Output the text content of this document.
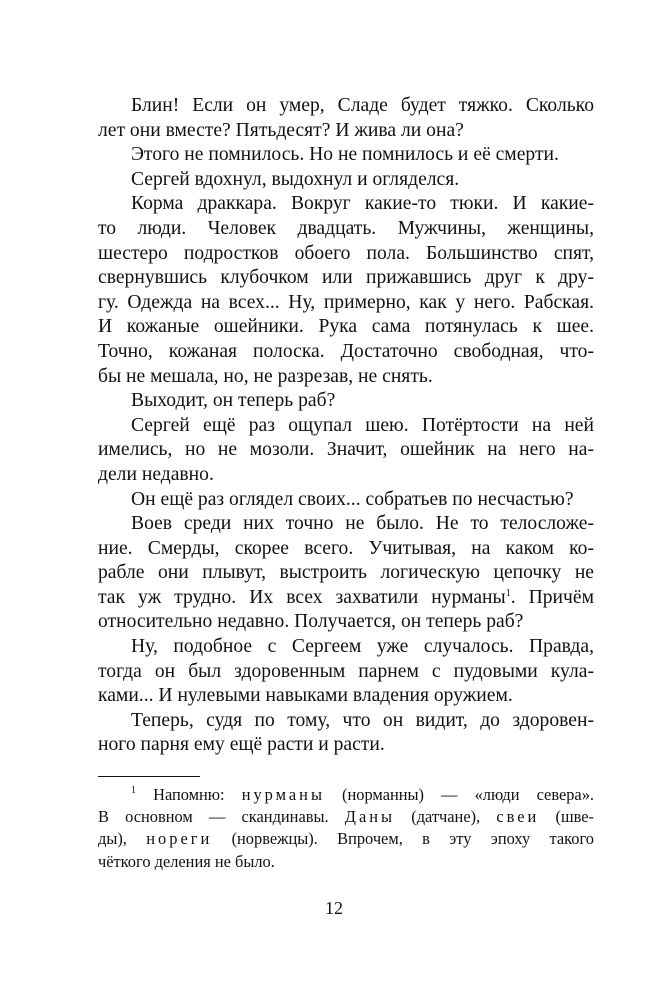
Блин! Если он умер, Сладе будет тяжко. Сколько
лет они вместе? Пятьдесят? И жива ли она?

Этого не помнилось. Но не помнилось и её смерти.

Сергей вдохнул, выдохнул и огляделся.

Корма драккара. Вокруг какие-то тюки. И какие-
то люди. Человек двадцать. Мужчины, женщины,
шестеро подростков обоего пола. Большинство спят,
свернувшись клубочком или прижавшись друг к дру-
гу. Одежда на всех... Ну, примерно, как у него. Рабская.
И кожаные ошейники. Рука сама потянулась к шее.
Точно, кожаная полоска. Достаточно свободная, что-
бы не мешала, но, не разрезав, не снять.

Выходит, он теперь раб?

Сергей ещё раз ощупал шею. Потёртости на ней
имелись, но не мозоли. Значит, ошейник на него на-
дели недавно.

Он ещё раз оглядел своих... собратьев по несчастью?

Воев среди них точно не было. Не то телосложе-
ние. Смерды, скорее всего. Учитывая, на каком ко-
рабле они плывут, выстроить логическую цепочку не
так уж трудно. Их всех захватили нурманы$^1$. Причём
относительно недавно. Получается, он теперь раб?

Ну, подобное с Сергеем уже случалось. Правда,
тогда он был здоровенным парнем с пудовыми кула-
ками... И нулевыми навыками владения оружием.

Теперь, судя по тому, что он видит, до здоровен-
ного парня ему ещё расти и расти.

$^1$ Напомню: нурманы (норманны) — «люди севера».
В основном — скандинавы. Даны (датчане), свеи (шве-
ды), нореги (норвежцы). Впрочем, в эту эпоху такого
чёткого деления не было.
12
